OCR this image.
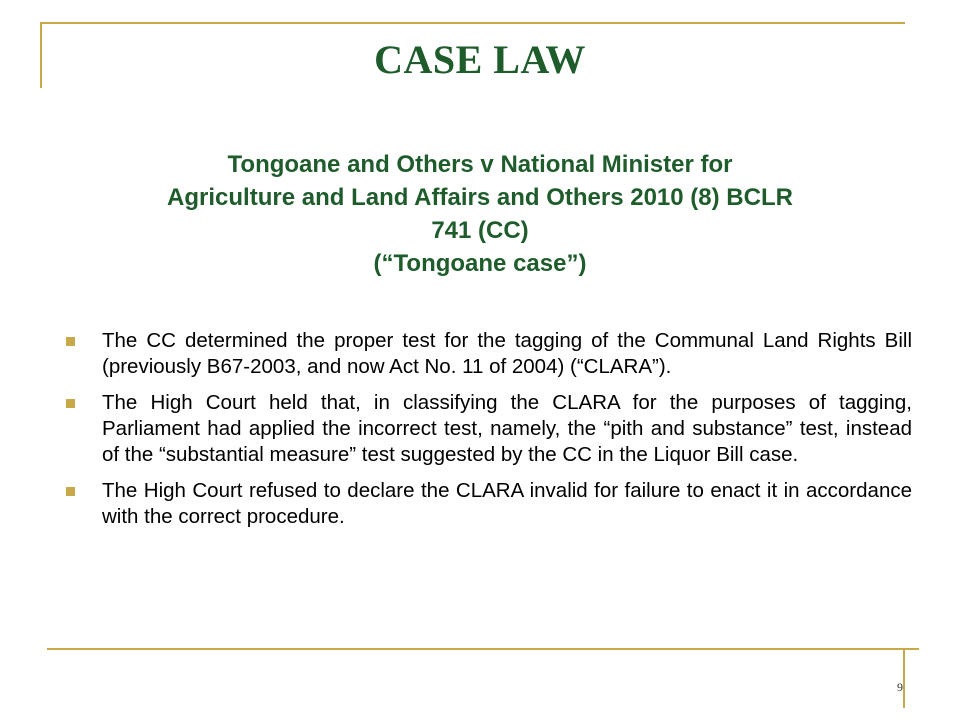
CASE LAW
Tongoane and Others v National Minister for
Agriculture and Land Affairs and Others 2010 (8) BCLR
741 (CC)
(“Tongoane case”)
The CC determined the proper test for the tagging of the Communal Land Rights Bill (previously B67-2003, and now Act No. 11 of 2004) (“CLARA”).
The High Court held that, in classifying the CLARA for the purposes of tagging, Parliament had applied the incorrect test, namely, the “pith and substance” test, instead of the “substantial measure” test suggested by the CC in the Liquor Bill case.
The High Court refused to declare the CLARA invalid for failure to enact it in accordance with the correct procedure.
9
